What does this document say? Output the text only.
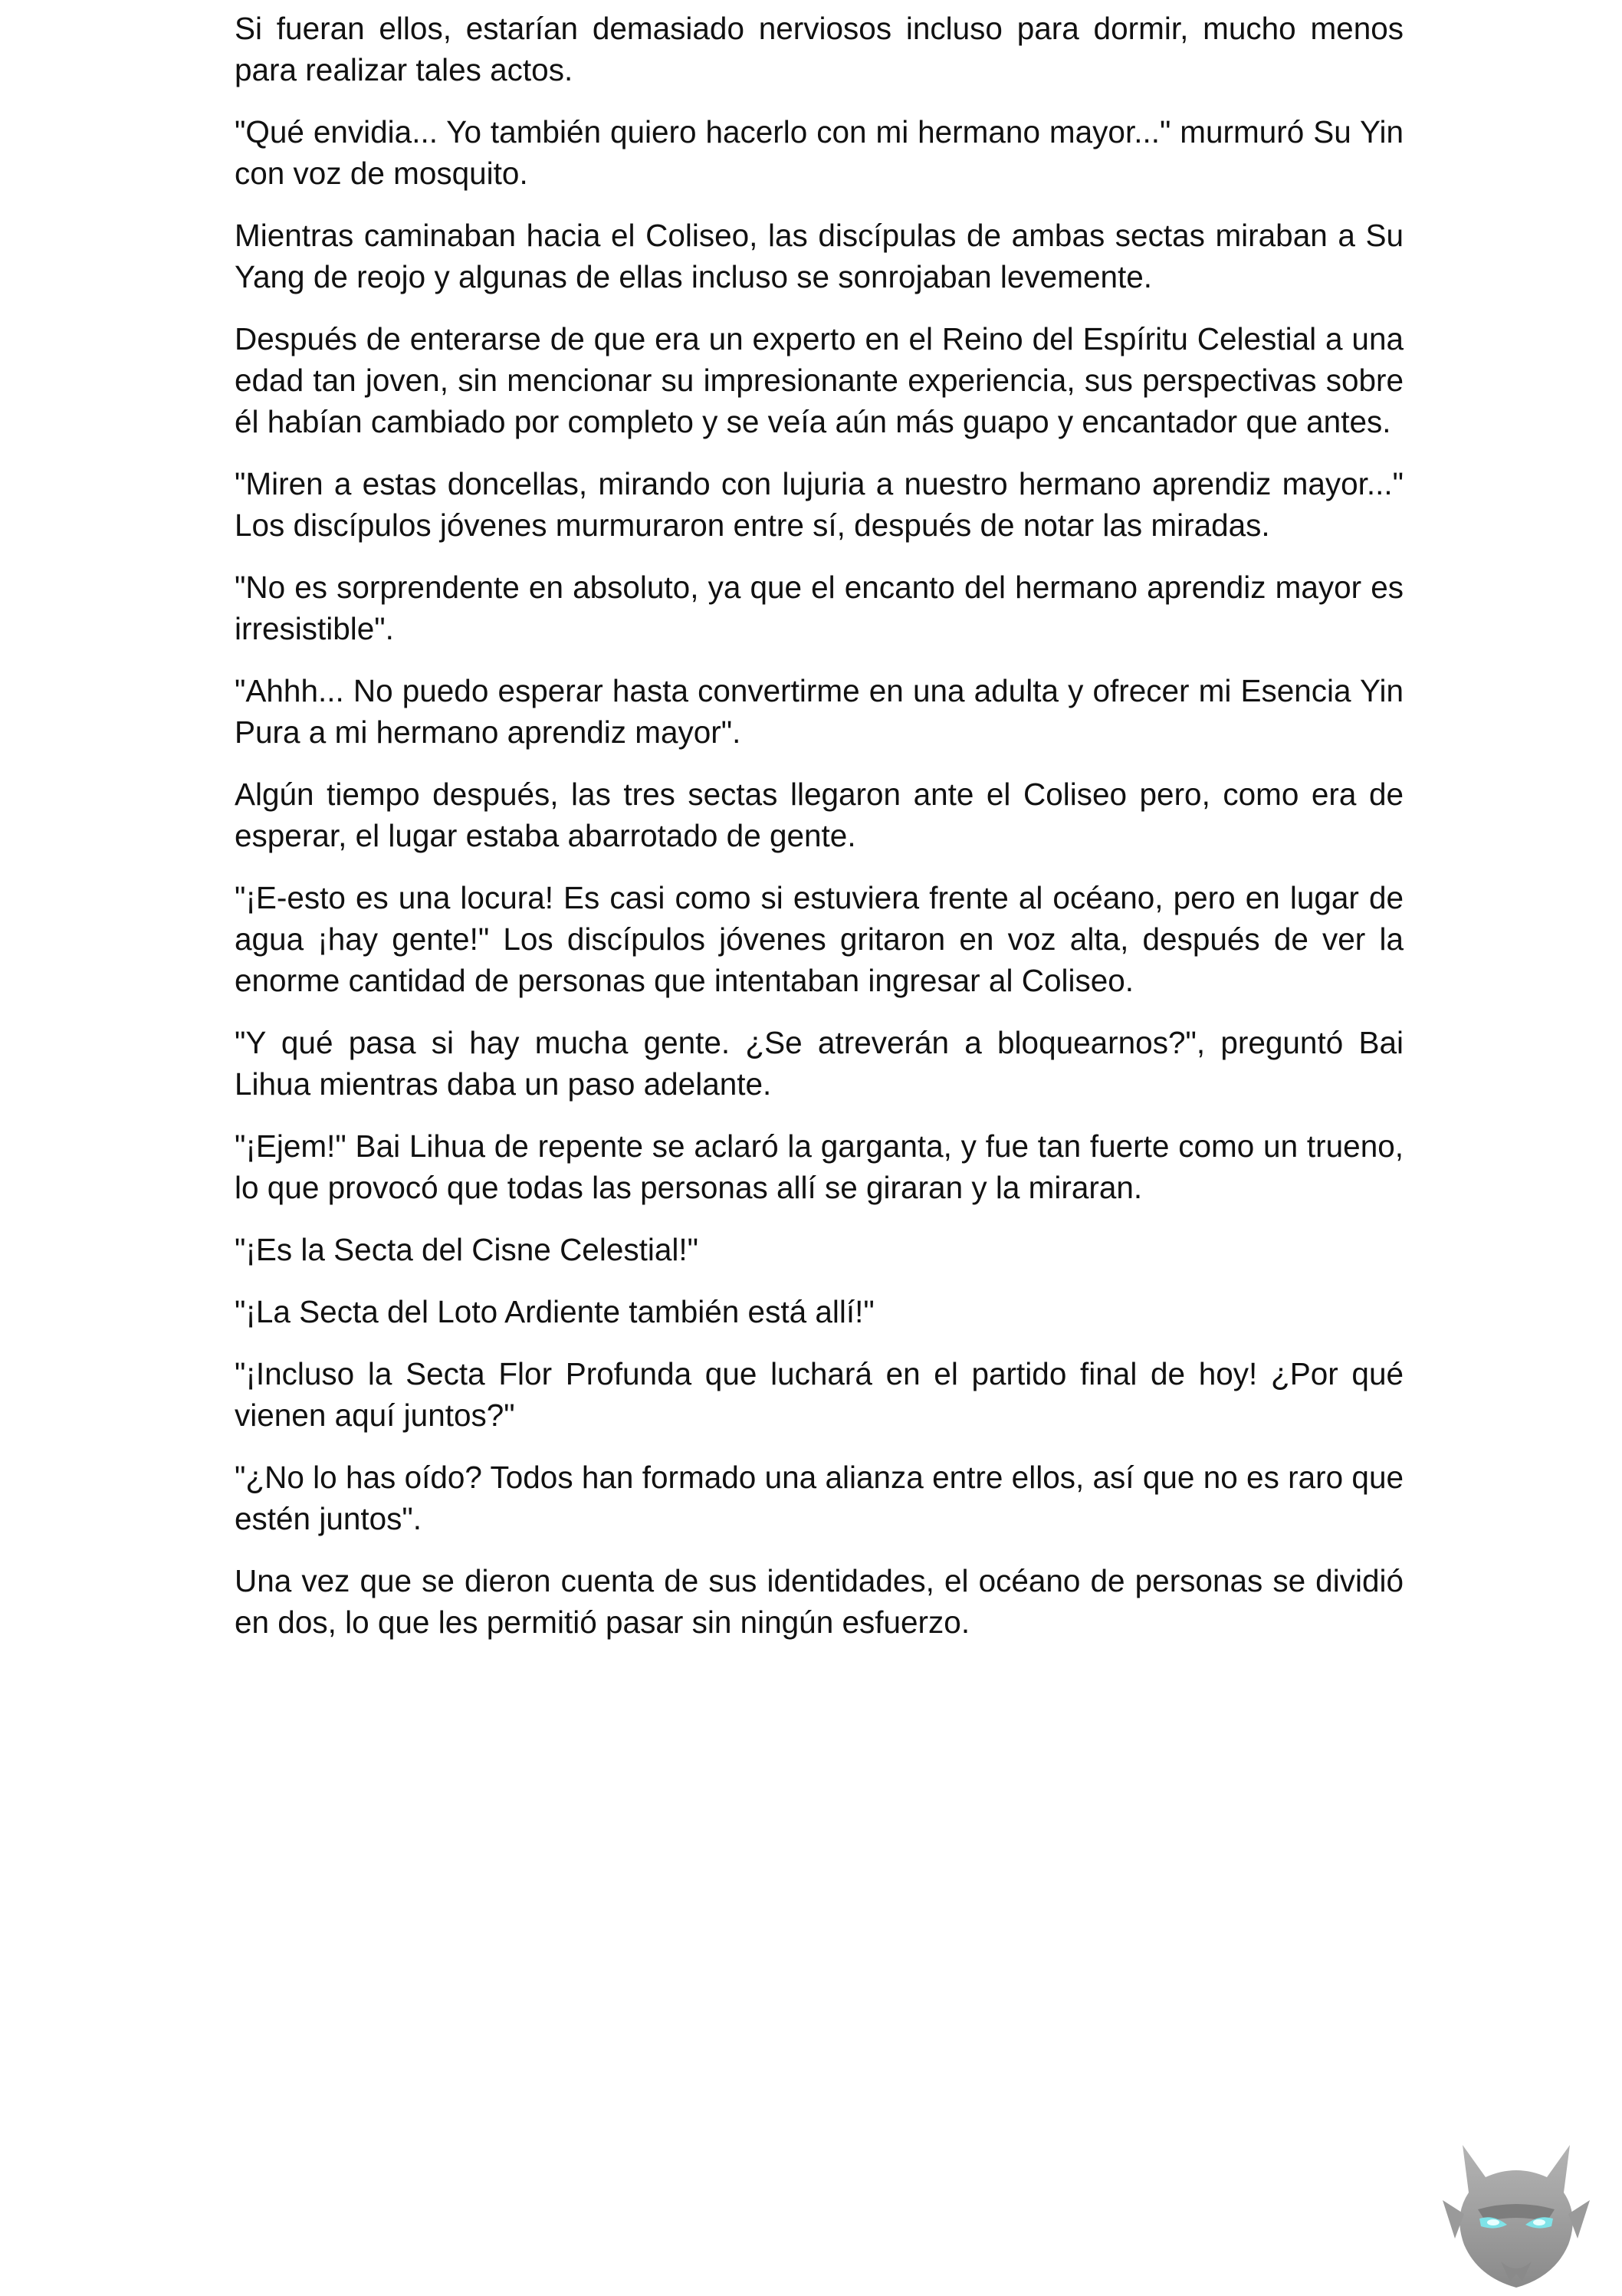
Si fueran ellos, estarían demasiado nerviosos incluso para dormir, mucho menos para realizar tales actos.

"Qué envidia... Yo también quiero hacerlo con mi hermano mayor..." murmuró Su Yin con voz de mosquito.

Mientras caminaban hacia el Coliseo, las discípulas de ambas sectas miraban a Su Yang de reojo y algunas de ellas incluso se sonrojaban levemente.

Después de enterarse de que era un experto en el Reino del Espíritu Celestial a una edad tan joven, sin mencionar su impresionante experiencia, sus perspectivas sobre él habían cambiado por completo y se veía aún más guapo y encantador que antes.

"Miren a estas doncellas, mirando con lujuria a nuestro hermano aprendiz mayor..." Los discípulos jóvenes murmuraron entre sí, después de notar las miradas.

"No es sorprendente en absoluto, ya que el encanto del hermano aprendiz mayor es irresistible".

"Ahhh... No puedo esperar hasta convertirme en una adulta y ofrecer mi Esencia Yin Pura a mi hermano aprendiz mayor".

Algún tiempo después, las tres sectas llegaron ante el Coliseo pero, como era de esperar, el lugar estaba abarrotado de gente.

"¡E-esto es una locura! Es casi como si estuviera frente al océano, pero en lugar de agua ¡hay gente!" Los discípulos jóvenes gritaron en voz alta, después de ver la enorme cantidad de personas que intentaban ingresar al Coliseo.

"Y qué pasa si hay mucha gente. ¿Se atreverán a bloquearnos?", preguntó Bai Lihua mientras daba un paso adelante.

"¡Ejem!" Bai Lihua de repente se aclaró la garganta, y fue tan fuerte como un trueno, lo que provocó que todas las personas allí se giraran y la miraran.

"¡Es la Secta del Cisne Celestial!"

"¡La Secta del Loto Ardiente también está allí!"

"¡Incluso la Secta Flor Profunda que luchará en el partido final de hoy! ¿Por qué vienen aquí juntos?"

"¿No lo has oído? Todos han formado una alianza entre ellos, así que no es raro que estén juntos".

Una vez que se dieron cuenta de sus identidades, el océano de personas se dividió en dos, lo que les permitió pasar sin ningún esfuerzo.
